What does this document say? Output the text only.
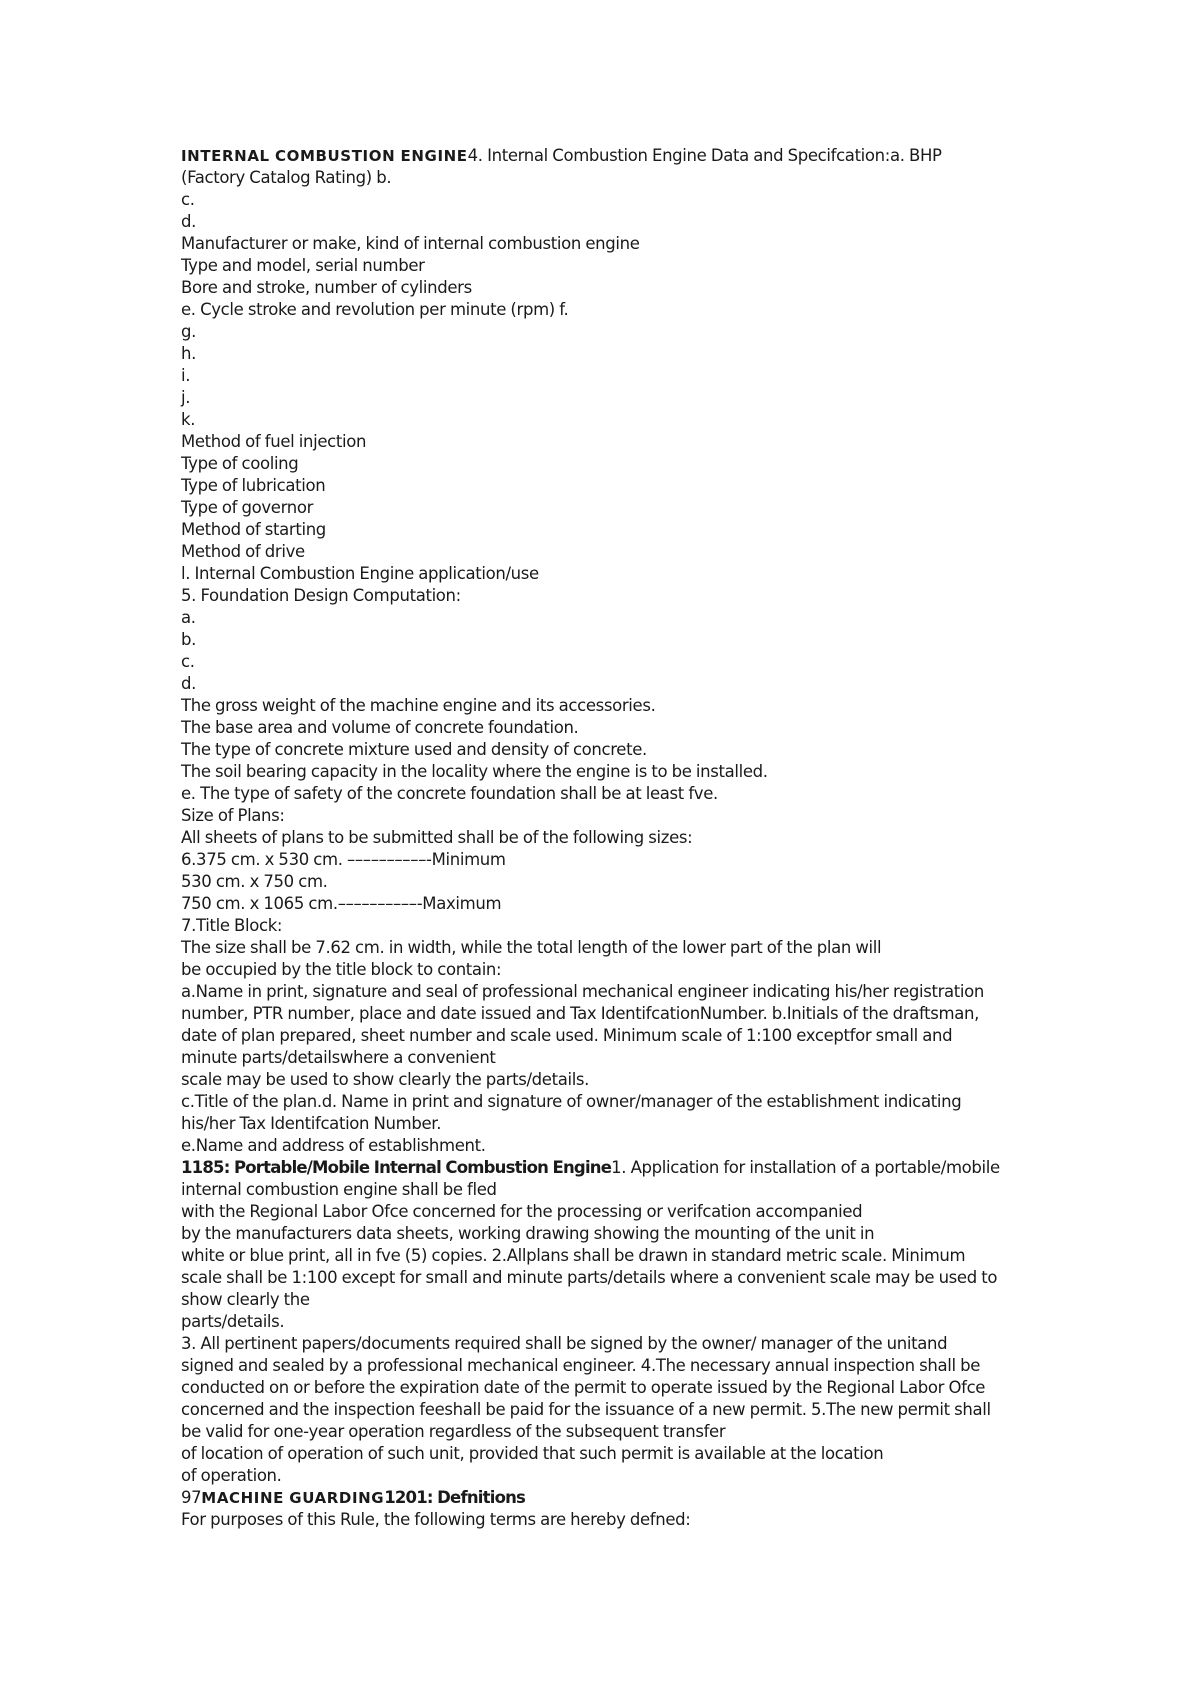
INTERNAL COMBUSTION ENGINE4. Internal Combustion Engine Data and Specifcation:a. BHP
(Factory Catalog Rating) b.
c.
d.
Manufacturer or make, kind of internal combustion engine
Type and model, serial number
Bore and stroke, number of cylinders
e. Cycle stroke and revolution per minute (rpm) f.
g.
h.
i.
j.
k.
Method of fuel injection
Type of cooling
Type of lubrication
Type of governor
Method of starting
Method of drive
l. Internal Combustion Engine application/use
5. Foundation Design Computation:
a.
b.
c.
d.
The gross weight of the machine engine and its accessories.
The base area and volume of concrete foundation.
The type of concrete mixture used and density of concrete.
The soil bearing capacity in the locality where the engine is to be installed.
e. The type of safety of the concrete foundation shall be at least fve.
Size of Plans:
All sheets of plans to be submitted shall be of the following sizes:
6.375 cm. x 530 cm. ––––––––––-Minimum
530 cm. x 750 cm.
750 cm. x 1065 cm.––––––––––-Maximum
7.Title Block:
The size shall be 7.62 cm. in width, while the total length of the lower part of the plan will
be occupied by the title block to contain:
a.Name in print, signature and seal of professional mechanical engineer indicating his/her registration
number, PTR number, place and date issued and Tax IdentifcationNumber. b.Initials of the draftsman,
date of plan prepared, sheet number and scale used. Minimum scale of 1:100 exceptfor small and
minute parts/detailswhere a convenient
scale may be used to show clearly the parts/details.
c.Title of the plan.d. Name in print and signature of owner/manager of the establishment indicating
his/her Tax Identifcation Number.
e.Name and address of establishment.
1185: Portable/Mobile Internal Combustion Engine1. Application for installation of a portable/mobile
internal combustion engine shall be fled
with the Regional Labor Ofce concerned for the processing or verifcation accompanied
by the manufacturers data sheets, working drawing showing the mounting of the unit in
white or blue print, all in fve (5) copies. 2.Allplans shall be drawn in standard metric scale. Minimum
scale shall be 1:100 except for small and minute parts/details where a convenient scale may be used to
show clearly the
parts/details.
3. All pertinent papers/documents required shall be signed by the owner/ manager of the unitand
signed and sealed by a professional mechanical engineer. 4.The necessary annual inspection shall be
conducted on or before the expiration date of the permit to operate issued by the Regional Labor Ofce
concerned and the inspection feeshall be paid for the issuance of a new permit. 5.The new permit shall
be valid for one-year operation regardless of the subsequent transfer
of location of operation of such unit, provided that such permit is available at the location
of operation.
97MACHINE GUARDING1201: Defnitions
For purposes of this Rule, the following terms are hereby defned:
